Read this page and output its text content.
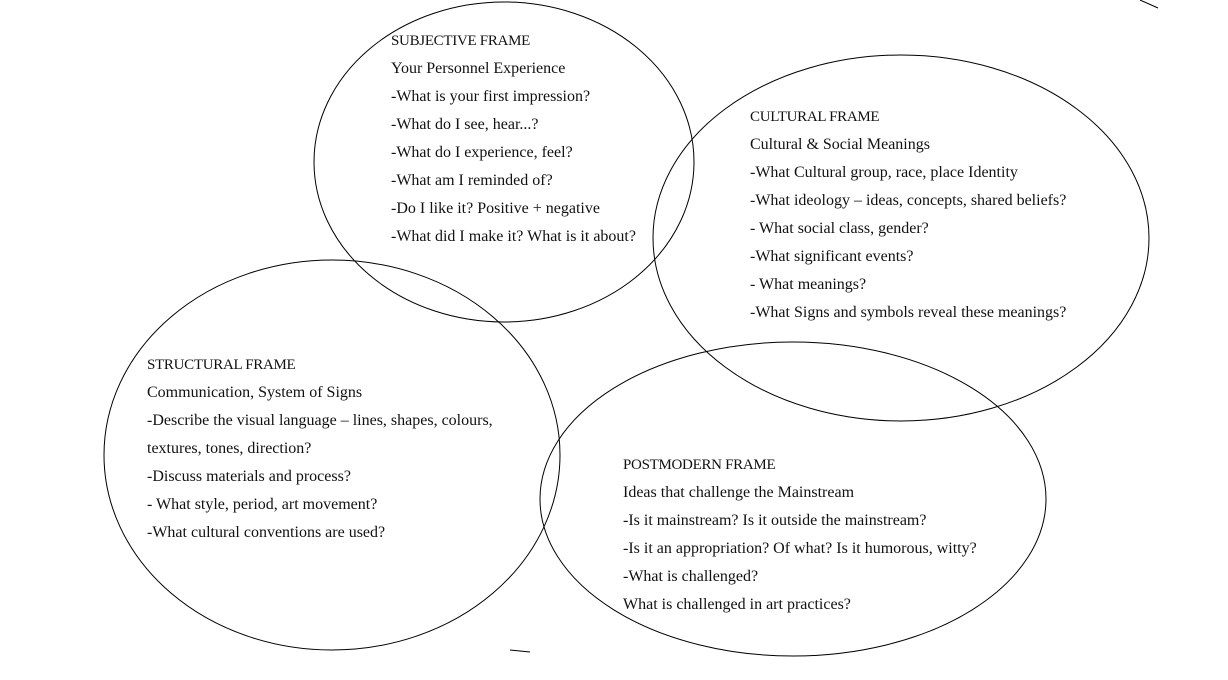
SUBJECTIVE FRAME
Your Personnel Experience
-What is your first impression?
-What do I see, hear...?
-What do I experience, feel?
-What am I reminded of?
-Do I like it? Positive + negative
-What did I make it? What is it about?
CULTURAL FRAME
Cultural & Social Meanings
-What Cultural group, race, place Identity
-What ideology – ideas, concepts, shared beliefs?
- What social class, gender?
-What significant events?
- What meanings?
-What Signs and symbols reveal these meanings?
STRUCTURAL FRAME
Communication, System of Signs
-Describe the visual language – lines, shapes, colours,
textures, tones, direction?
-Discuss materials and process?
- What style, period, art movement?
-What cultural conventions are used?
POSTMODERN FRAME
Ideas that challenge the Mainstream
-Is it mainstream? Is it outside the mainstream?
-Is it an appropriation? Of what? Is it humorous, witty?
-What is challenged?
What is challenged in art practices?
